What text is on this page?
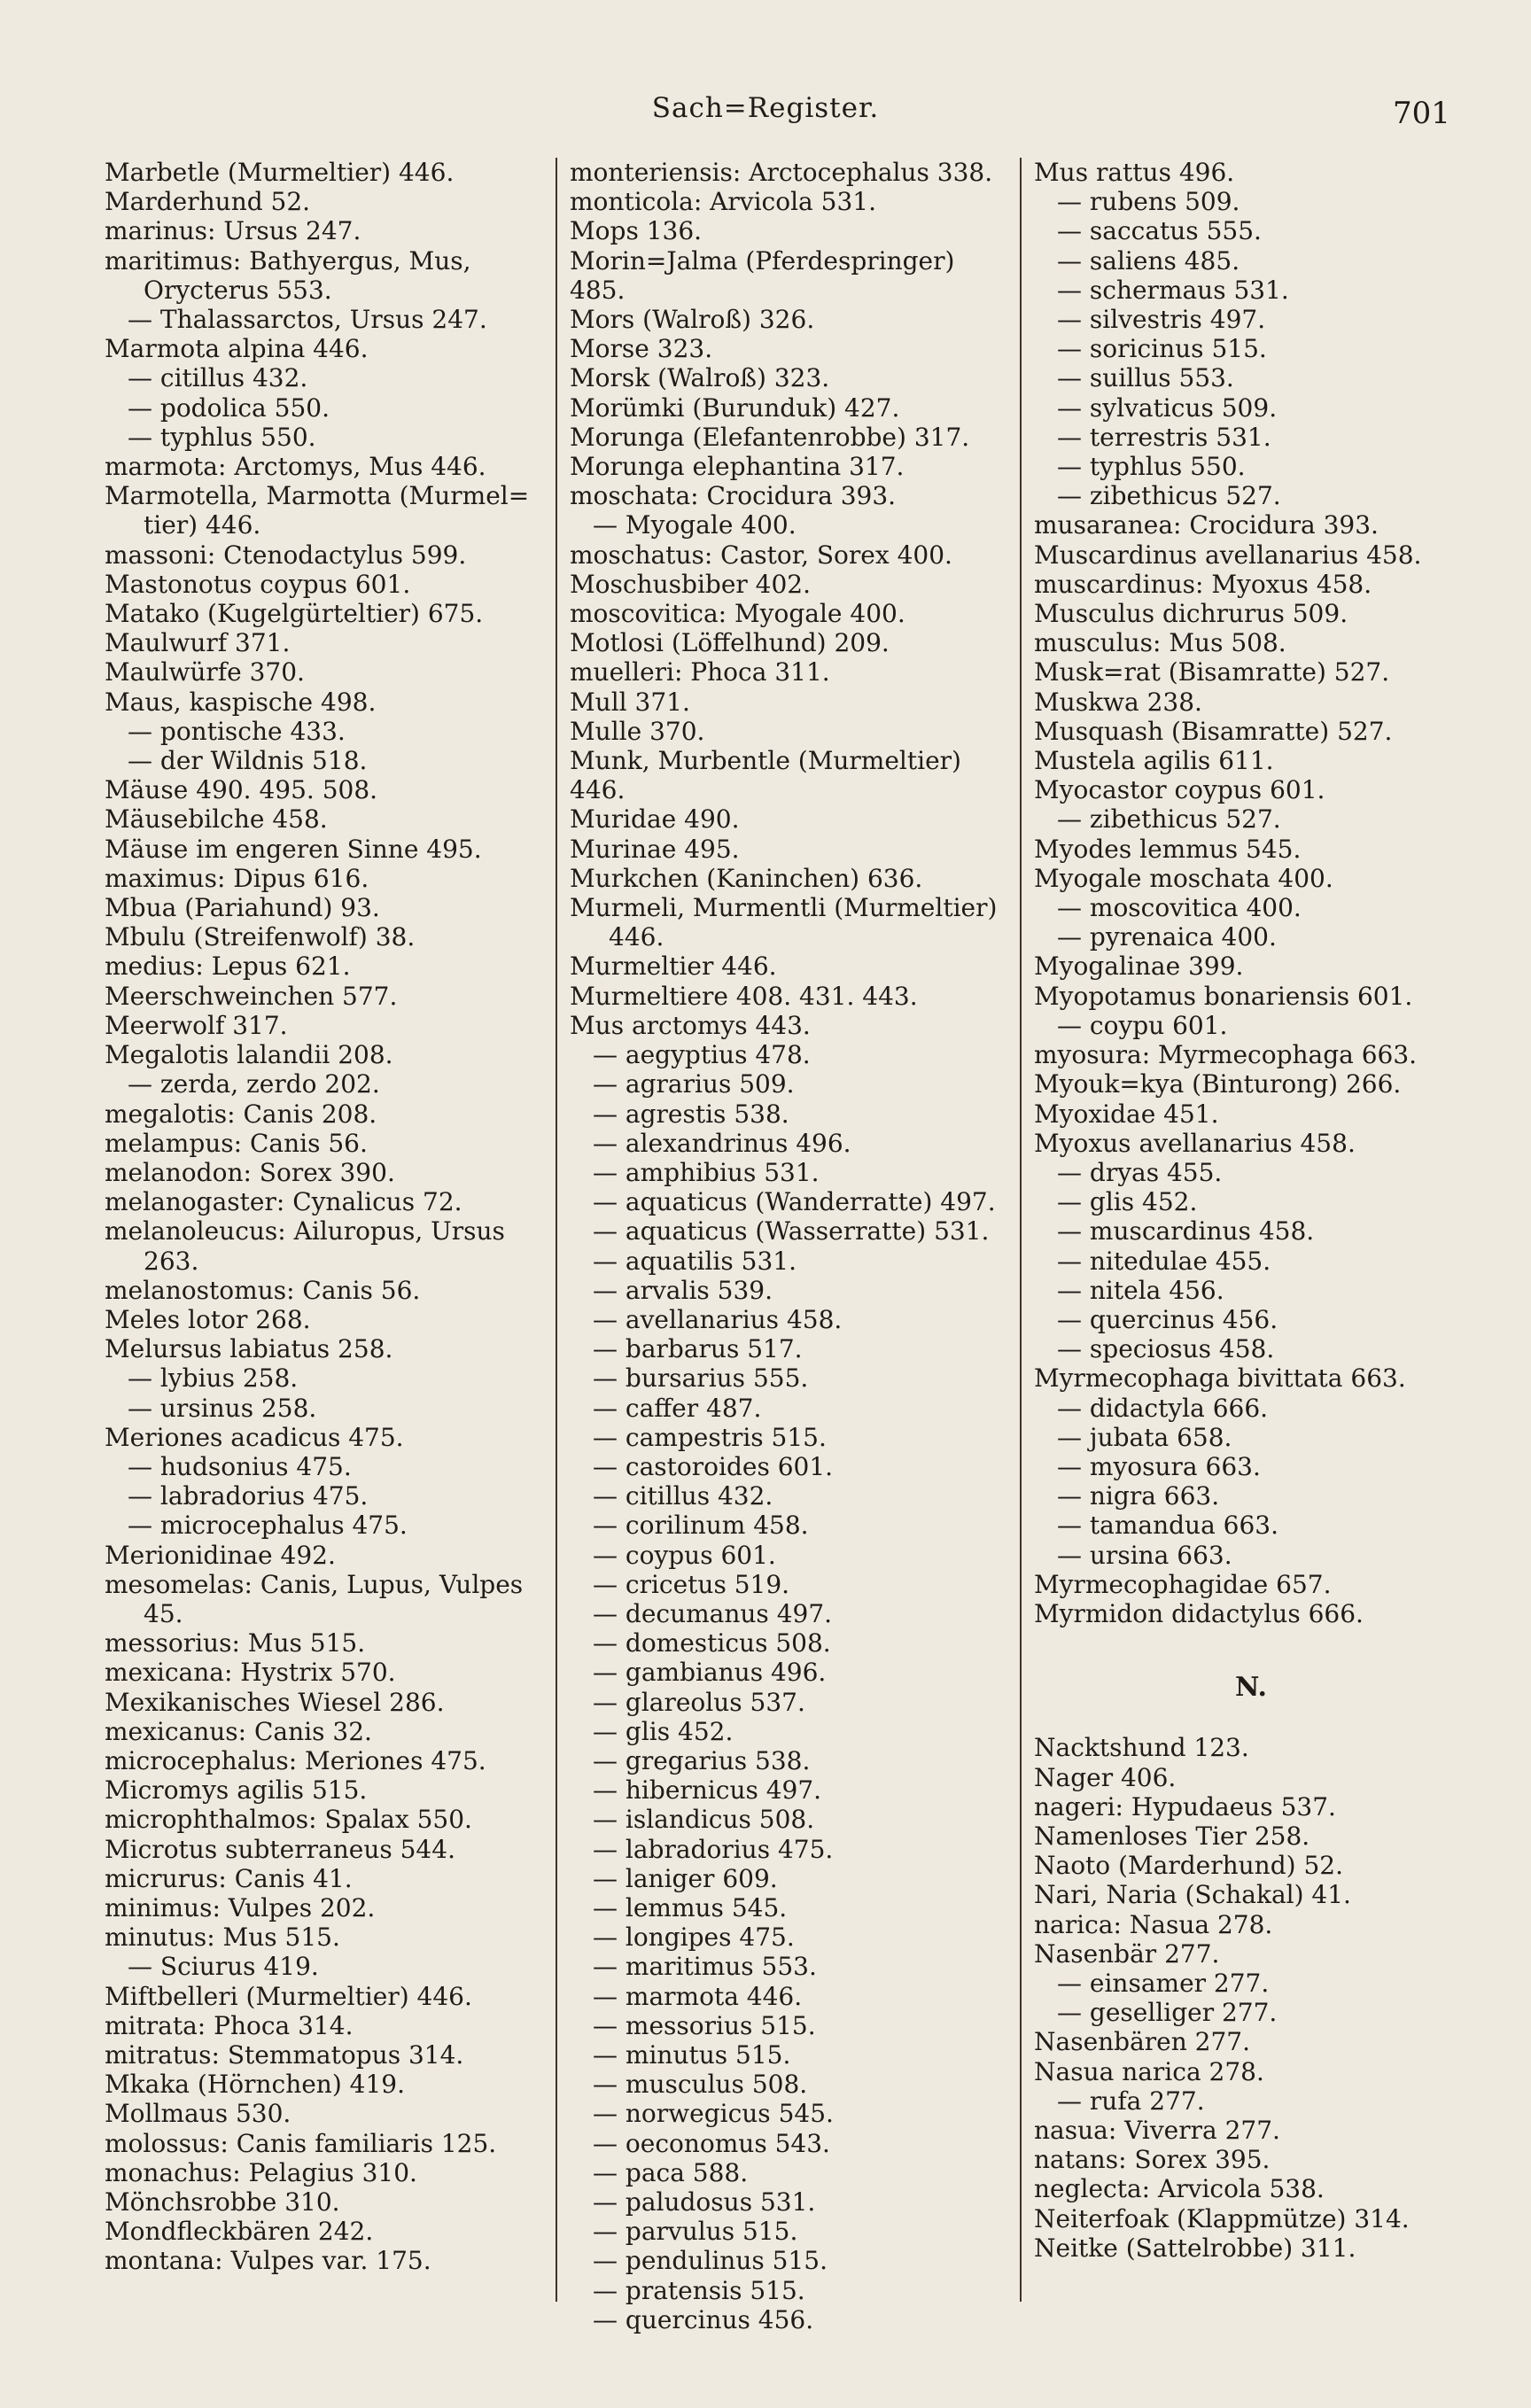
Sach=Register.	701

Marbetle (Murmeltier) 446.

Marderhund 52.

marinus: Ursus 247.

maritimus: Bathyergus, Mus,

Orycterus 553.

— Thalassarctos, Ursus 247.

Marmota alpina 446.

— citillus 432.

— podolica 550.

— typhlus 550.

marmota: Arctomys, Mus 446.

Marmotella, Marmotta (Murmel=

tier) 446.

massoni: Ctenodactylus 599.

Mastonotus coypus 601.

Matako (Kugelgürteltier) 675.

Maulwurf 371.

Maulwürfe 370.

Maus, kaspische 498.

— pontische 433.

— der Wildnis 518.

Mäuse 490. 495. 508.

Mäusebilche 458.

Mäuse im engeren Sinne 495.

maximus: Dipus 616.

Mbua (Pariahund) 93.

Mbulu (Streifenwolf) 38.

medius: Lepus 621.

Meerschweinchen 577.

Meerwolf 317.

Megalotis lalandii 208.

— zerda, zerdo 202.

megalotis: Canis 208.

melampus: Canis 56.

melanodon: Sorex 390.

melanogaster: Cynalicus 72.

melanoleucus: Ailuropus, Ursus

263.

melanostomus: Canis 56.

Meles lotor 268.

Melursus labiatus 258.

— lybius 258.

— ursinus 258.

Meriones acadicus 475.

— hudsonius 475.

— labradorius 475.

— microcephalus 475.

Merionidinae 492.

mesomelas: Canis, Lupus, Vulpes

45.

messorius: Mus 515.

mexicana: Hystrix 570.

Mexikanisches Wiesel 286.

mexicanus: Canis 32.

microcephalus: Meriones 475.

Micromys agilis 515.

microphthalmos: Spalax 550.

Microtus subterraneus 544.

micrurus: Canis 41.

minimus: Vulpes 202.

minutus: Mus 515.

— Sciurus 419.

Miftbelleri (Murmeltier) 446.

mitrata: Phoca 314.

mitratus: Stemmatopus 314.

Mkaka (Hörnchen) 419.

Mollmaus 530.

molossus: Canis familiaris 125.

monachus: Pelagius 310.

Mönchsrobbe 310.

Mondfleckbären 242.

montana: Vulpes var. 175.

monteriensis: Arctocephalus 338.

monticola: Arvicola 531.

Mops 136.

Morin=Jalma (Pferdespringer) 485.

Mors (Walroß) 326.

Morse 323.

Morsk (Walroß) 323.

Morümki (Burunduk) 427.

Morunga (Elefantenrobbe) 317.

Morunga elephantina 317.

moschata: Crocidura 393.

— Myogale 400.

moschatus: Castor, Sorex 400.

Moschusbiber 402.

moscovitica: Myogale 400.

Motlosi (Löffelhund) 209.

muelleri: Phoca 311.

Mull 371.

Mulle 370.

Munk, Murbentle (Murmeltier) 446.

Muridae 490.

Murinae 495.

Murkchen (Kaninchen) 636.

Murmeli, Murmentli (Murmeltier)

446.

Murmeltier 446.

Murmeltiere 408. 431. 443.

Mus arctomys 443.

— aegyptius 478.

— agrarius 509.

— agrestis 538.

— alexandrinus 496.

— amphibius 531.

— aquaticus (Wanderratte) 497.

— aquaticus (Wasserratte) 531.

— aquatilis 531.

— arvalis 539.

— avellanarius 458.

— barbarus 517.

— bursarius 555.

— caffer 487.

— campestris 515.

— castoroides 601.

— citillus 432.

— corilinum 458.

— coypus 601.

— cricetus 519.

— decumanus 497.

— domesticus 508.

— gambianus 496.

— glareolus 537.

— glis 452.

— gregarius 538.

— hibernicus 497.

— islandicus 508.

— labradorius 475.

— laniger 609.

— lemmus 545.

— longipes 475.

— maritimus 553.

— marmota 446.

— messorius 515.

— minutus 515.

— musculus 508.

— norwegicus 545.

— oeconomus 543.

— paca 588.

— paludosus 531.

— parvulus 515.

— pendulinus 515.

— pratensis 515.

— quercinus 456.

Mus rattus 496.

— rubens 509.

— saccatus 555.

— saliens 485.

— schermaus 531.

— silvestris 497.

— soricinus 515.

— suillus 553.

— sylvaticus 509.

— terrestris 531.

— typhlus 550.

— zibethicus 527.

musaranea: Crocidura 393.

Muscardinus avellanarius 458.

muscardinus: Myoxus 458.

Musculus dichrurus 509.

musculus: Mus 508.

Musk=rat (Bisamratte) 527.

Muskwa 238.

Musquash (Bisamratte) 527.

Mustela agilis 611.

Myocastor coypus 601.

— zibethicus 527.

Myodes lemmus 545.

Myogale moschata 400.

— moscovitica 400.

— pyrenaica 400.

Myogalinae 399.

Myopotamus bonariensis 601.

— coypu 601.

myosura: Myrmecophaga 663.

Myouk=kya (Binturong) 266.

Myoxidae 451.

Myoxus avellanarius 458.

— dryas 455.

— glis 452.

— muscardinus 458.

— nitedulae 455.

— nitela 456.

— quercinus 456.

— speciosus 458.

Myrmecophaga bivittata 663.

— didactyla 666.

— jubata 658.

— myosura 663.

— nigra 663.

— tamandua 663.

— ursina 663.

Myrmecophagidae 657.

Myrmidon didactylus 666.

N.

Nacktshund 123.

Nager 406.

nageri: Hypudaeus 537.

Namenloses Tier 258.

Naoto (Marderhund) 52.

Nari, Naria (Schakal) 41.

narica: Nasua 278.

Nasenbär 277.

— einsamer 277.

— geselliger 277.

Nasenbären 277.

Nasua narica 278.

— rufa 277.

nasua: Viverra 277.

natans: Sorex 395.

neglecta: Arvicola 538.

Neiterfoak (Klappmütze) 314.

Neitke (Sattelrobbe) 311.
